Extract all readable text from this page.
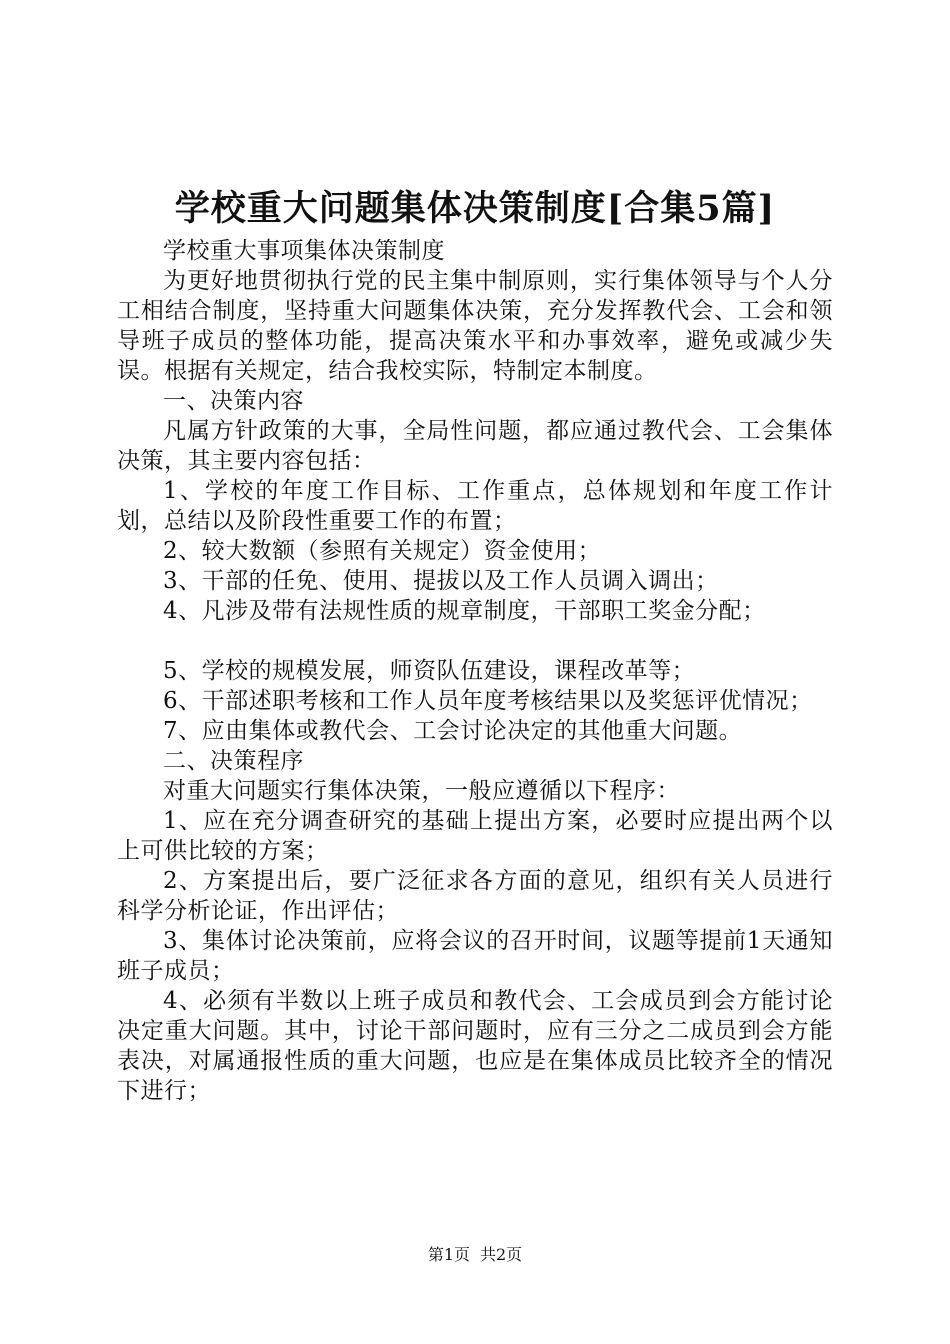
学校重大问题集体决策制度[合集5篇]

学校重大事项集体决策制度

为更好地贯彻执行党的民主集中制原则，实行集体领导与个人分工相结合制度，坚持重大问题集体决策，充分发挥教代会、工会和领导班子成员的整体功能，提高决策水平和办事效率，避免或减少失误。根据有关规定，结合我校实际，特制定本制度。

一、决策内容

凡属方针政策的大事，全局性问题，都应通过教代会、工会集体决策，其主要内容包括：

1、学校的年度工作目标、工作重点，总体规划和年度工作计划，总结以及阶段性重要工作的布置；

2、较大数额（参照有关规定）资金使用；

3、干部的任免、使用、提拔以及工作人员调入调出；

4、凡涉及带有法规性质的规章制度，干部职工奖金分配；

5、学校的规模发展，师资队伍建设，课程改革等；

6、干部述职考核和工作人员年度考核结果以及奖惩评优情况；

7、应由集体或教代会、工会讨论决定的其他重大问题。

二、决策程序

对重大问题实行集体决策，一般应遵循以下程序：

1、应在充分调查研究的基础上提出方案，必要时应提出两个以上可供比较的方案；

2、方案提出后，要广泛征求各方面的意见，组织有关人员进行科学分析论证，作出评估；

3、集体讨论决策前，应将会议的召开时间，议题等提前1天通知班子成员；

4、必须有半数以上班子成员和教代会、工会成员到会方能讨论决定重大问题。其中，讨论干部问题时，应有三分之二成员到会方能表决，对属通报性质的重大问题，也应是在集体成员比较齐全的情况下进行；

第1页 共2页
